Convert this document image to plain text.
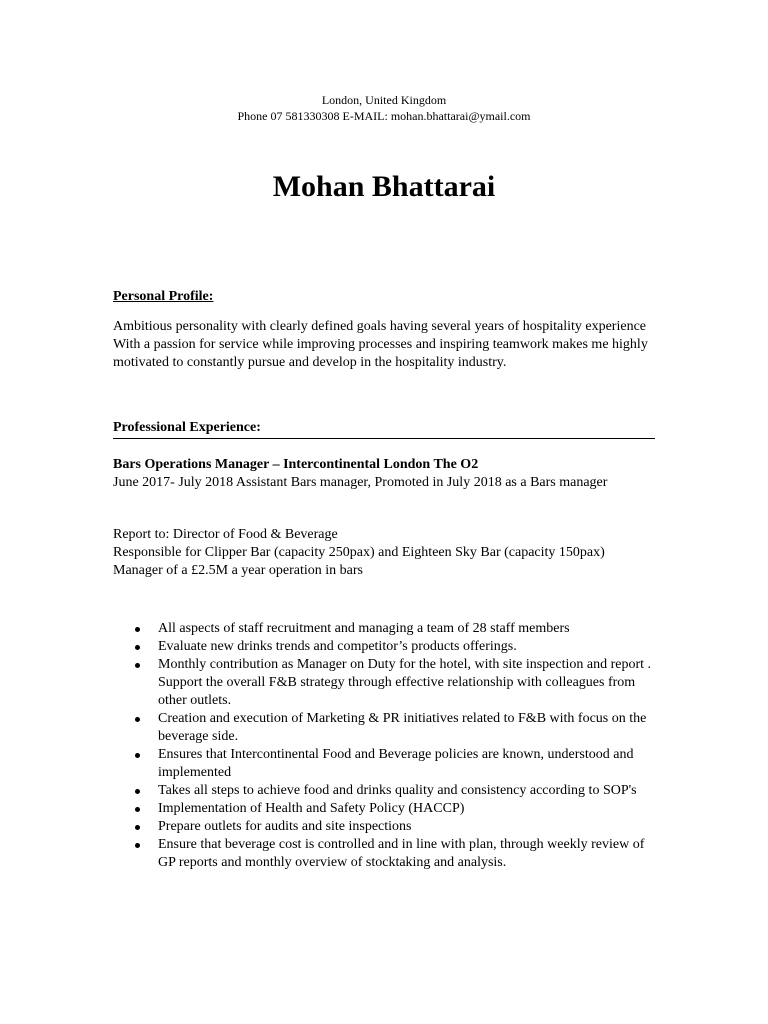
London, United Kingdom
Phone 07 581330308 E-MAIL: mohan.bhattarai@ymail.com
Mohan Bhattarai
Personal Profile:
Ambitious personality with clearly defined goals having several years of hospitality experience With a passion for service while improving processes and inspiring teamwork makes me highly motivated to constantly pursue and develop in the hospitality industry.
Professional Experience:
Bars Operations Manager – Intercontinental London The O2
June 2017- July 2018 Assistant Bars manager, Promoted in July 2018 as a Bars manager
Report to: Director of Food & Beverage
Responsible for Clipper Bar (capacity 250pax) and Eighteen Sky Bar (capacity 150pax)
Manager of a £2.5M a year operation in bars
All aspects of staff recruitment and managing a team of 28 staff members
Evaluate new drinks trends and competitor’s products offerings.
Monthly contribution as Manager on Duty for the hotel, with site inspection and report . Support the overall F&B strategy through effective relationship with colleagues from other outlets.
Creation and execution of Marketing & PR initiatives related to F&B with focus on the beverage side.
Ensures that Intercontinental Food and Beverage policies are known, understood and implemented
Takes all steps to achieve food and drinks quality and consistency according to SOP's
Implementation of Health and Safety Policy (HACCP)
Prepare outlets for audits and site inspections
Ensure that beverage cost is controlled and in line with plan, through weekly review of GP reports and monthly overview of stocktaking and analysis.
